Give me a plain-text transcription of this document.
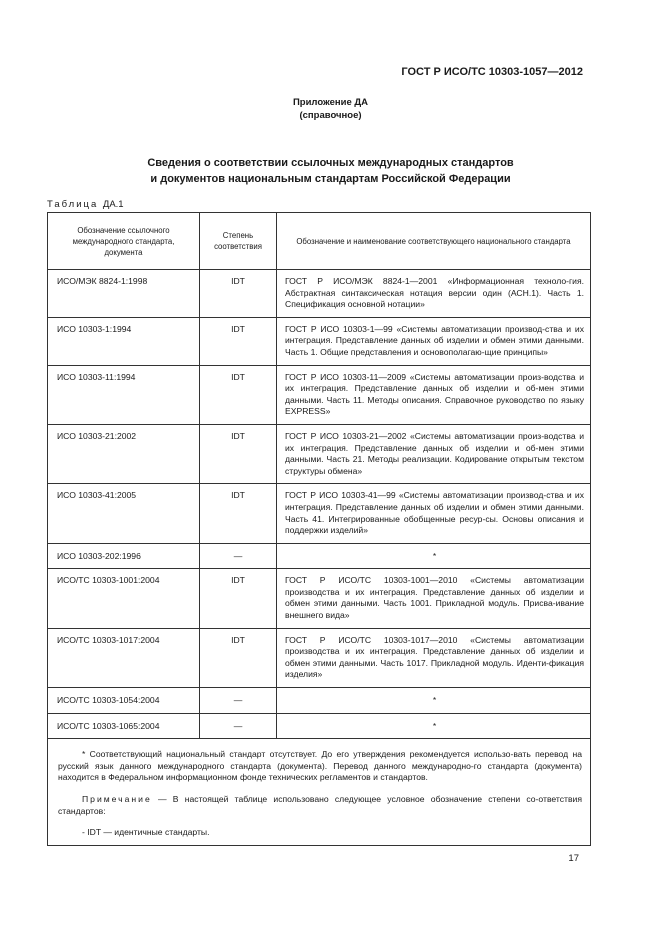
ГОСТ Р ИСО/ТС 10303-1057—2012
Приложение ДА
(справочное)
Сведения о соответствии ссылочных международных стандартов
и документов национальным стандартам Российской Федерации
Таблица ДА.1
Обозначение ссылочного международного стандарта, документа	Степень соответствия	Обозначение и наименование соответствующего национального стандарта
ИСО/МЭК 8824-1:1998	IDT	ГОСТ Р ИСО/МЭК 8824-1—2001 «Информационная техноло-гия. Абстрактная синтаксическая нотация версии один (АСН.1). Часть 1. Спецификация основной нотации»
ИСО 10303-1:1994	IDT	ГОСТ Р ИСО 10303-1—99 «Системы автоматизации производ-ства и их интеграция. Представление данных об изделии и обмен этими данными. Часть 1. Общие представления и основополагаю-щие принципы»
ИСО 10303-11:1994	IDT	ГОСТ Р ИСО 10303-11—2009 «Системы автоматизации произ-водства и их интеграция. Представление данных об изделии и об-мен этими данными. Часть 11. Методы описания. Справочное руководство по языку EXPRESS»
ИСО 10303-21:2002	IDT	ГОСТ Р ИСО 10303-21—2002 «Системы автоматизации произ-водства и их интеграция. Представление данных об изделии и об-мен этими данными. Часть 21. Методы реализации. Кодирование открытым текстом структуры обмена»
ИСО 10303-41:2005	IDT	ГОСТ Р ИСО 10303-41—99 «Системы автоматизации производ-ства и их интеграция. Представление данных об изделии и обмен этими данными. Часть 41. Интегрированные обобщенные ресур-сы. Основы описания и поддержки изделий»
ИСО 10303-202:1996	—	*
ИСО/ТС 10303-1001:2004	IDT	ГОСТ Р ИСО/ТС 10303-1001—2010 «Системы автоматизации производства и их интеграция. Представление данных об изделии и обмен этими данными. Часть 1001. Прикладной модуль. Присва-ивание внешнего вида»
ИСО/ТС 10303-1017:2004	IDT	ГОСТ Р ИСО/ТС 10303-1017—2010 «Системы автоматизации производства и их интеграция. Представление данных об изделии и обмен этими данными. Часть 1017. Прикладной модуль. Иденти-фикация изделия»
ИСО/ТС 10303-1054:2004	—	*
ИСО/ТС 10303-1065:2004	—	*

* Соответствующий национальный стандарт отсутствует. До его утверждения рекомендуется использо-вать перевод на русский язык данного международного стандарта (документа). Перевод данного международно-го стандарта (документа) находится в Федеральном информационном фонде технических регламентов и стандартов.

Примечание — В настоящей таблице использовано следующее условное обозначение степени со-ответствия стандартов:

- IDT — идентичные стандарты.		

17
